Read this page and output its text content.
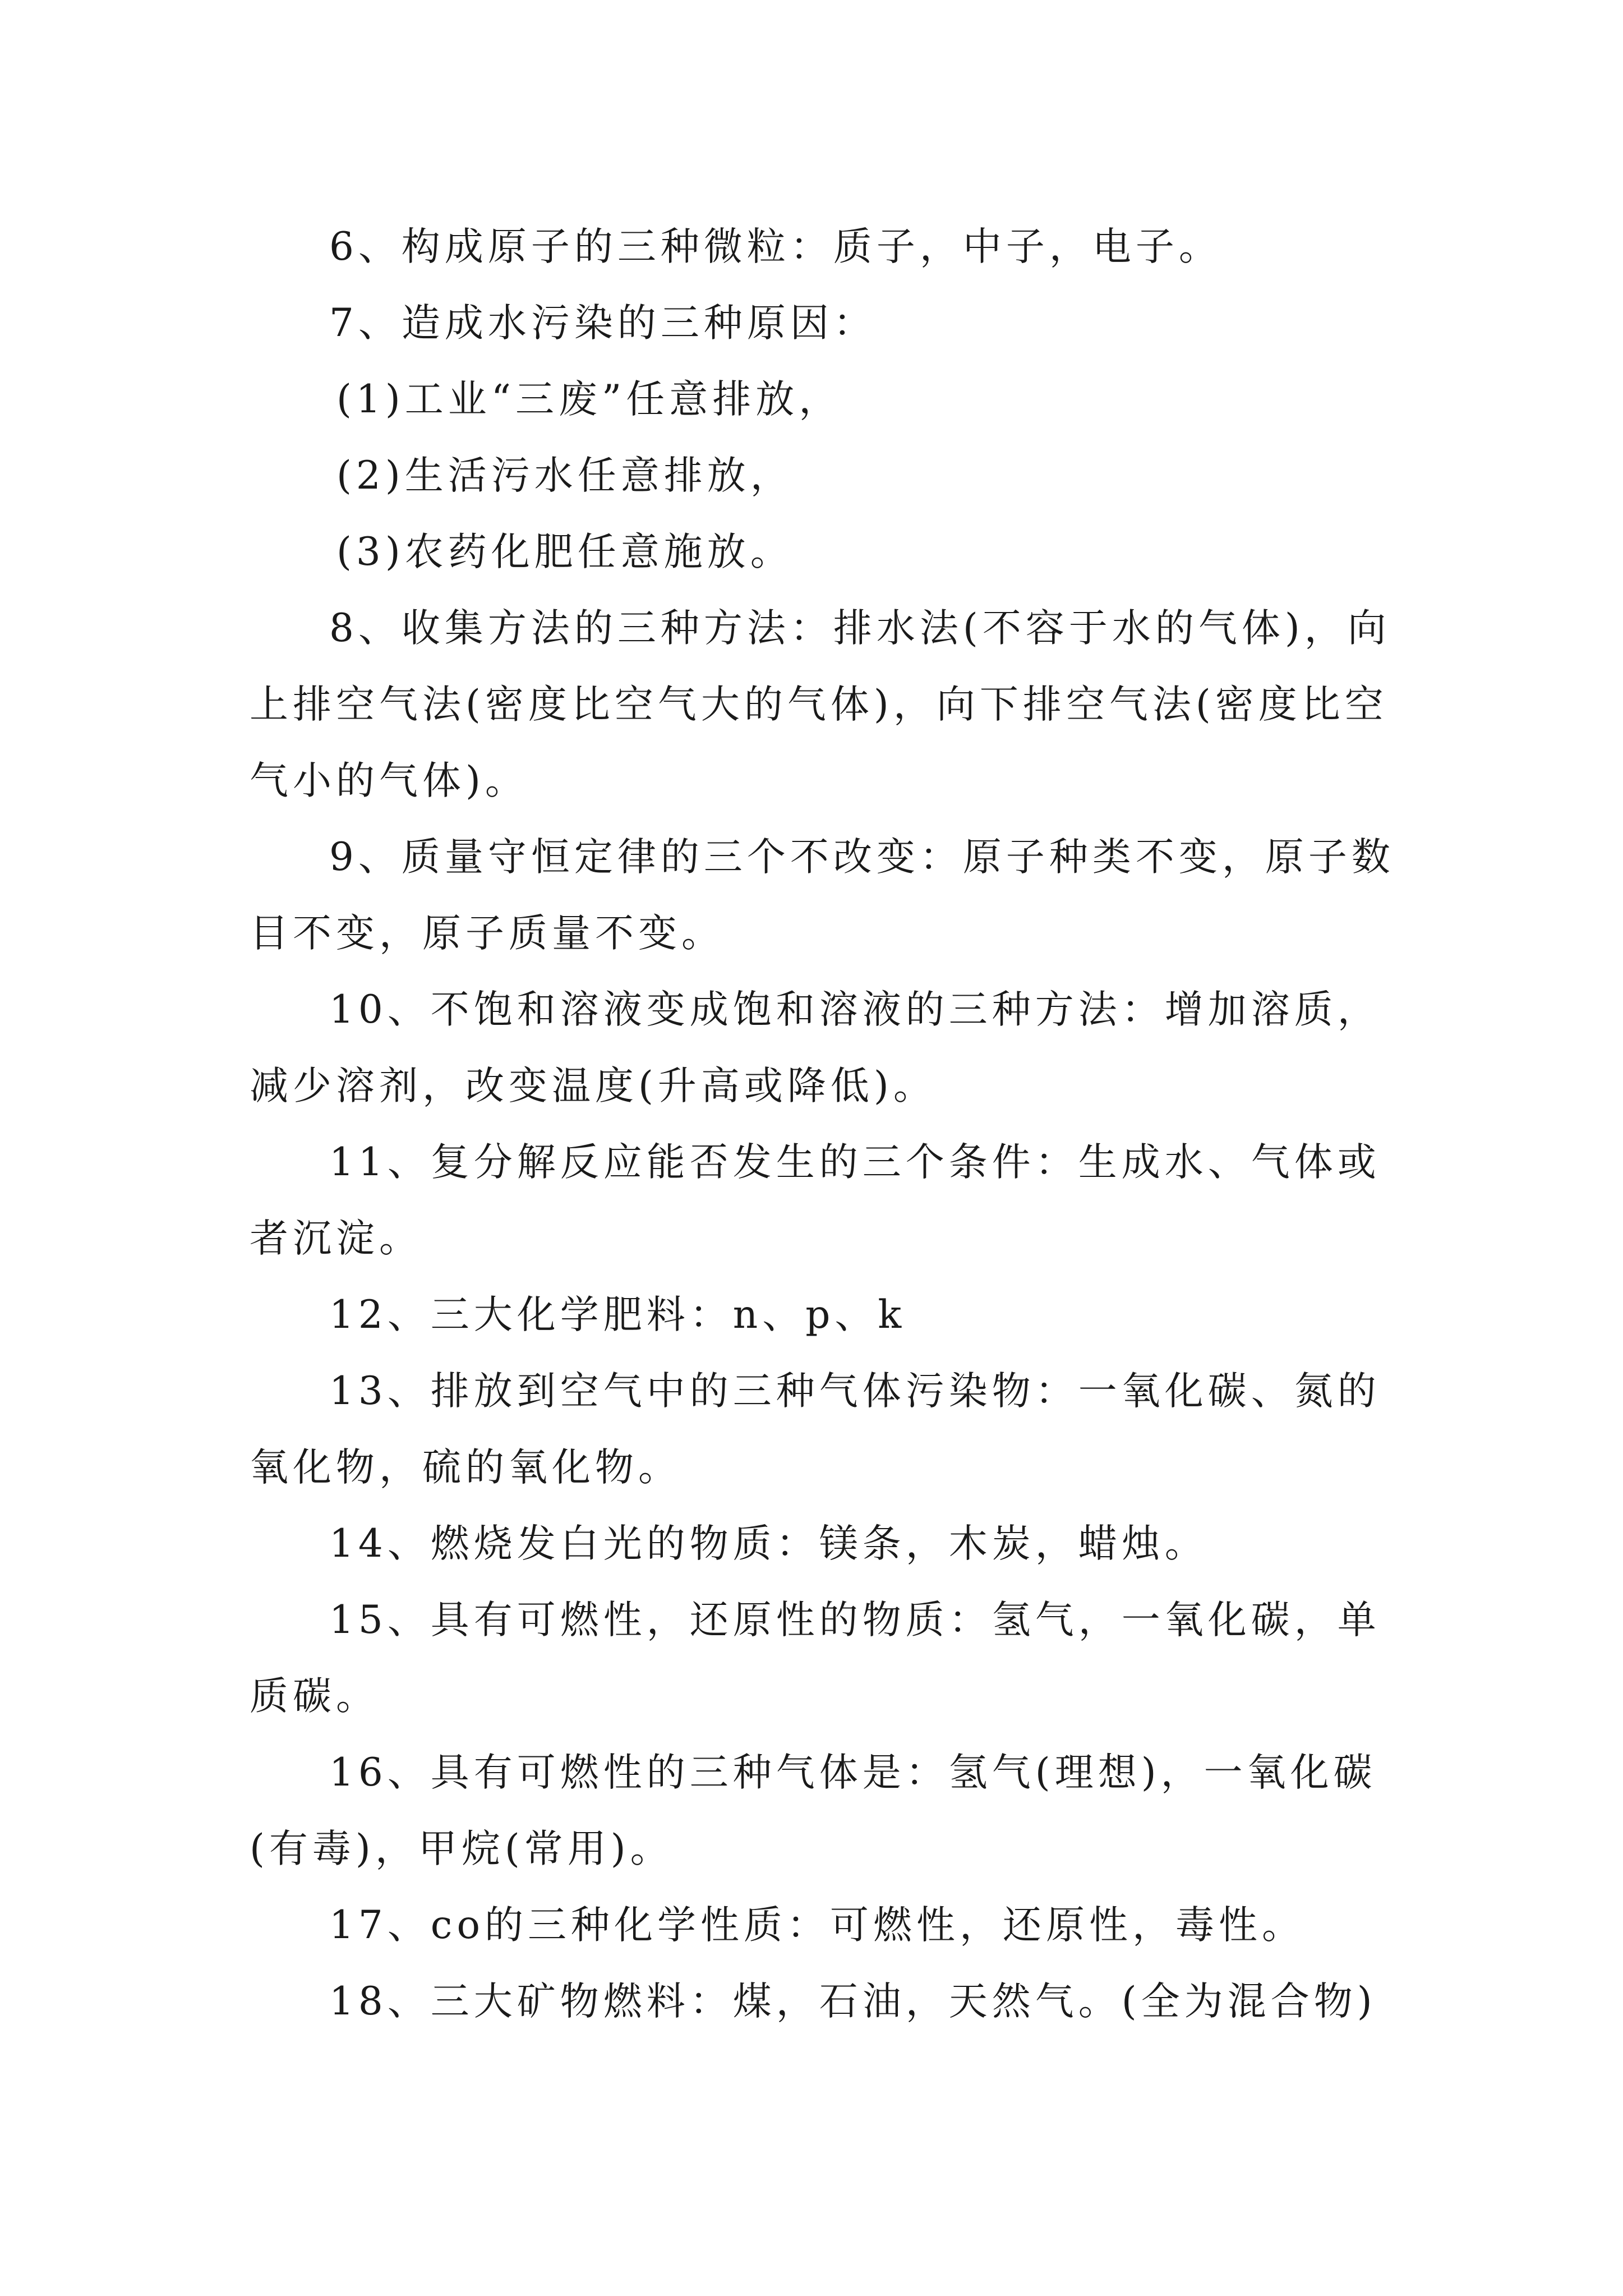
6、构成原子的三种微粒：质子，中子，电子。

7、造成水污染的三种原因：

(1)工业“三废”任意排放，

(2)生活污水任意排放，

(3)农药化肥任意施放。

8、收集方法的三种方法：排水法(不容于水的气体)，向上排空气法(密度比空气大的气体)，向下排空气法(密度比空气小的气体)。

9、质量守恒定律的三个不改变：原子种类不变，原子数目不变，原子质量不变。

10、不饱和溶液变成饱和溶液的三种方法：增加溶质，减少溶剂，改变温度(升高或降低)。

11、复分解反应能否发生的三个条件：生成水、气体或者沉淀。

12、三大化学肥料：n、p、k

13、排放到空气中的三种气体污染物：一氧化碳、氮的氧化物，硫的氧化物。

14、燃烧发白光的物质：镁条，木炭，蜡烛。

15、具有可燃性，还原性的物质：氢气，一氧化碳，单质碳。

16、具有可燃性的三种气体是：氢气(理想)，一氧化碳(有毒)，甲烷(常用)。

17、co的三种化学性质：可燃性，还原性，毒性。

18、三大矿物燃料：煤，石油，天然气。(全为混合物)
